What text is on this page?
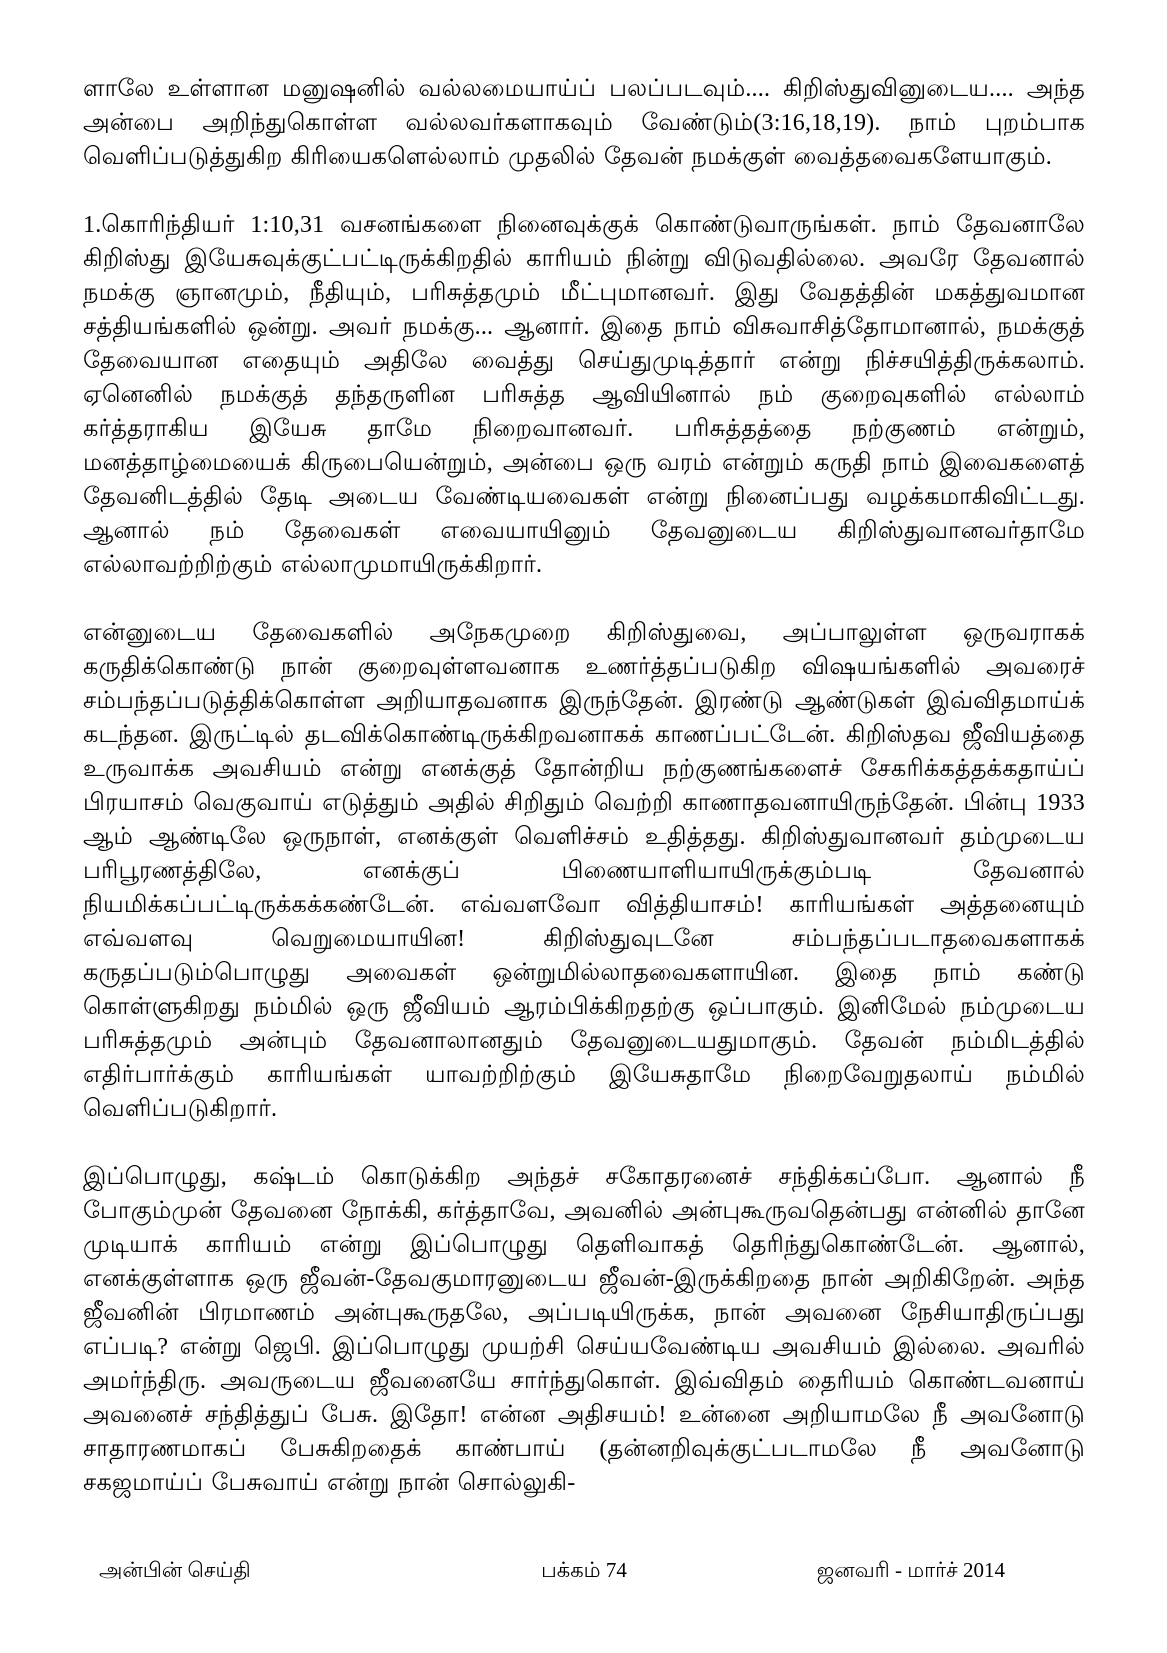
ளாலே உள்ளான மனுஷனில் வல்லமையாய்ப் பலப்படவும்.... கிறிஸ்துவினுடைய.... அந்த அன்பை அறிந்துகொள்ள வல்லவர்களாகவும் வேண்டும்(3:16,18,19). நாம் புறம்பாக வெளிப்படுத்துகிற கிரியைகளெல்லாம் முதலில் தேவன் நமக்குள் வைத்தவைகளேயாகும்.

1.கொரிந்தியர் 1:10,31 வசனங்களை நினைவுக்குக் கொண்டுவாருங்கள். நாம் தேவனாலே கிறிஸ்து இயேசுவுக்குட்பட்டிருக்கிறதில் காரியம் நின்று விடுவதில்லை. அவரே தேவனால் நமக்கு ஞானமும், நீதியும், பரிசுத்தமும் மீட்புமானவர். இது வேதத்தின் மகத்துவமான சத்தியங்களில் ஒன்று. அவர் நமக்கு... ஆனார். இதை நாம் விசுவாசித்தோமானால், நமக்குத் தேவையான எதையும் அதிலே வைத்து செய்துமுடித்தார் என்று நிச்சயித்திருக்கலாம். ஏனெனில் நமக்குத் தந்தருளின பரிசுத்த ஆவியினால் நம் குறைவுகளில் எல்லாம் கர்த்தராகிய இயேசு தாமே நிறைவானவர். பரிசுத்தத்தை நற்குணம் என்றும், மனத்தாழ்மையைக் கிருபையென்றும், அன்பை ஒரு வரம் என்றும் கருதி நாம் இவைகளைத் தேவனிடத்தில் தேடி அடைய வேண்டியவைகள் என்று நினைப்பது வழக்கமாகிவிட்டது. ஆனால் நம் தேவைகள் எவையாயினும் தேவனுடைய கிறிஸ்துவானவர்தாமே எல்லாவற்றிற்கும் எல்லாமுமாயிருக்கிறார்.

என்னுடைய தேவைகளில் அநேகமுறை கிறிஸ்துவை, அப்பாலுள்ள ஒருவராகக் கருதிக்கொண்டு நான் குறைவுள்ளவனாக உணர்த்தப்படுகிற விஷயங்களில் அவரைச் சம்பந்தப்படுத்திக்கொள்ள அறியாதவனாக இருந்தேன். இரண்டு ஆண்டுகள் இவ்விதமாய்க் கடந்தன. இருட்டில் தடவிக்கொண்டிருக்கிறவனாகக் காணப்பட்டேன். கிறிஸ்தவ ஜீவியத்தை உருவாக்க அவசியம் என்று எனக்குத் தோன்றிய நற்குணங்களைச் சேகரிக்கத்தக்கதாய்ப் பிரயாசம் வெகுவாய் எடுத்தும் அதில் சிறிதும் வெற்றி காணாதவனாயிருந்தேன். பின்பு 1933 ஆம் ஆண்டிலே ஒருநாள், எனக்குள் வெளிச்சம் உதித்தது. கிறிஸ்துவானவர் தம்முடைய பரிபூரணத்திலே, எனக்குப் பிணையாளியாயிருக்கும்படி தேவனால் நியமிக்கப்பட்டிருக்கக்கண்டேன். எவ்வளவோ வித்தியாசம்! காரியங்கள் அத்தனையும் எவ்வளவு வெறுமையாயின! கிறிஸ்துவுடனே சம்பந்தப்படாதவைகளாகக் கருதப்படும்பொழுது அவைகள் ஒன்றுமில்லாதவைகளாயின. இதை நாம் கண்டு கொள்ளுகிறது நம்மில் ஒரு ஜீவியம் ஆரம்பிக்கிறதற்கு ஒப்பாகும். இனிமேல் நம்முடைய பரிசுத்தமும் அன்பும் தேவனாலானதும் தேவனுடையதுமாகும். தேவன் நம்மிடத்தில் எதிர்பார்க்கும் காரியங்கள் யாவற்றிற்கும் இயேசுதாமே நிறைவேறுதலாய் நம்மில் வெளிப்படுகிறார்.

இப்பொழுது, கஷ்டம் கொடுக்கிற அந்தச் சகோதரனைச் சந்திக்கப்போ. ஆனால் நீ போகும்முன் தேவனை நோக்கி, கர்த்தாவே, அவனில் அன்புகூருவதென்பது என்னில் தானே முடியாக் காரியம் என்று இப்பொழுது தெளிவாகத் தெரிந்துகொண்டேன். ஆனால், எனக்குள்ளாக ஒரு ஜீவன்-தேவகுமாரனுடைய ஜீவன்-இருக்கிறதை நான் அறிகிறேன். அந்த ஜீவனின் பிரமாணம் அன்புகூருதலே, அப்படியிருக்க, நான் அவனை நேசியாதிருப்பது எப்படி? என்று ஜெபி. இப்பொழுது முயற்சி செய்யவேண்டிய அவசியம் இல்லை. அவரில் அமர்ந்திரு. அவருடைய ஜீவனையே சார்ந்துகொள். இவ்விதம் தைரியம் கொண்டவனாய் அவனைச் சந்தித்துப் பேசு. இதோ! என்ன அதிசயம்! உன்னை அறியாமலே நீ அவனோடு சாதாரணமாகப் பேசுகிறதைக் காண்பாய் (தன்னறிவுக்குட்படாமலே நீ அவனோடு சகஜமாய்ப் பேசுவாய் என்று நான் சொல்லுகி-

அன்பின் செய்தி	பக்கம் 74	ஜனவரி - மார்ச் 2014
